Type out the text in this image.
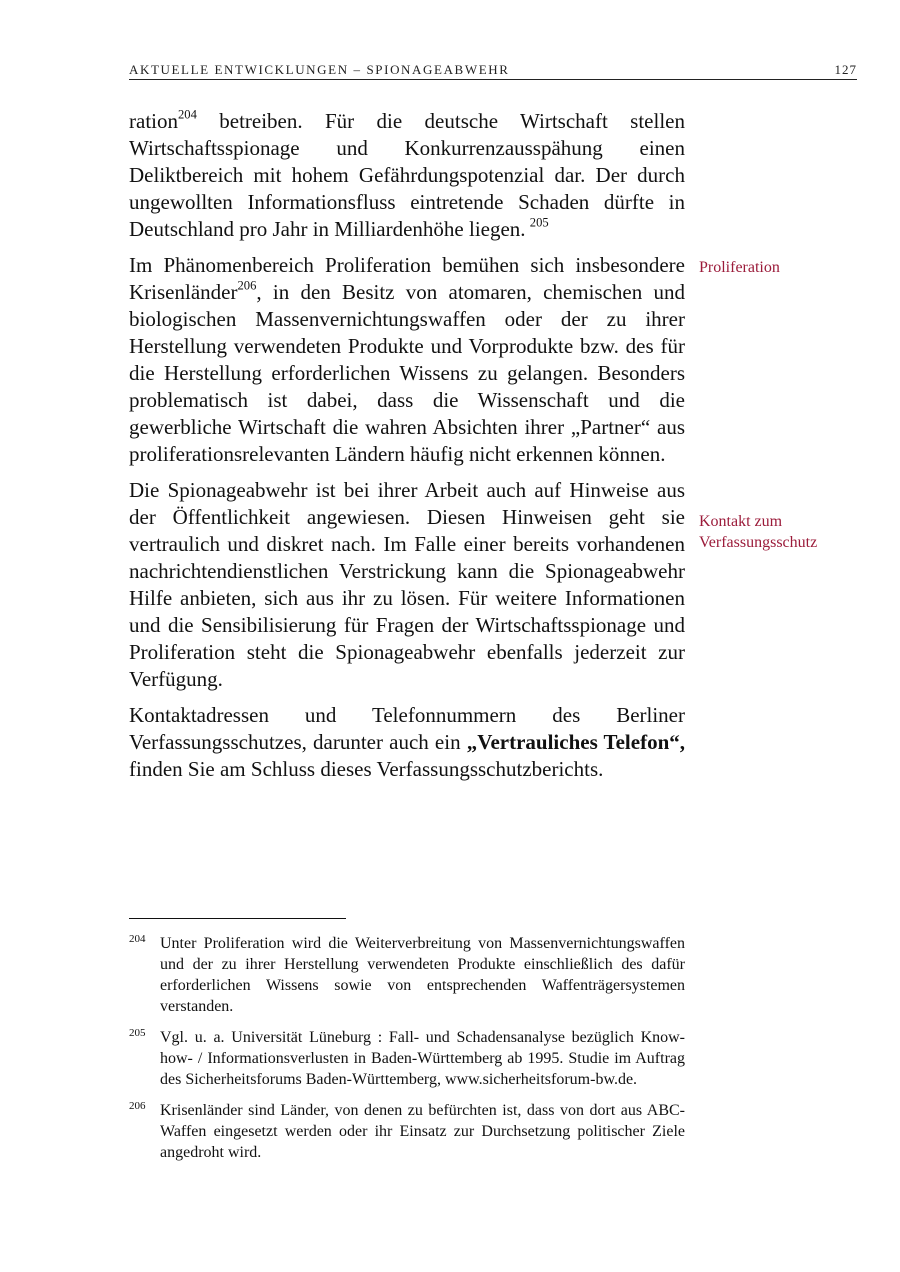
AKTUELLE ENTWICKLUNGEN – SPIONAGEABWEHR	127

ration$^{204}$ betreiben. Für die deutsche Wirtschaft stellen Wirtschaftsspionage und Konkurrenzausspähung einen Deliktbereich mit hohem Gefährdungspotenzial dar. Der durch ungewollten Informationsfluss eintretende Schaden dürfte in Deutschland pro Jahr in Milliardenhöhe liegen.  $^{205}$

Im Phänomenbereich Proliferation bemühen sich insbesondere Krisenländer$^{206}$, in den Besitz von atomaren, chemischen und biologischen Massenvernichtungswaffen oder der zu ihrer Herstellung verwendeten Produkte und Vorprodukte bzw. des für die Herstellung erforderlichen Wissens zu gelangen. Besonders problematisch ist dabei, dass die Wissenschaft und die gewerbliche Wirtschaft die wahren Absichten ihrer „Partner“ aus proliferationsrelevanten Ländern häufig nicht erkennen können.

Die Spionageabwehr ist bei ihrer Arbeit auch auf Hinweise aus der Öffentlichkeit angewiesen. Diesen Hinweisen geht sie vertraulich und diskret nach. Im Falle einer bereits vorhandenen nachrichtendienstlichen Verstrickung kann die Spionageabwehr Hilfe anbieten, sich aus ihr zu lösen. Für weitere Informationen und die Sensibilisierung für Fragen der Wirtschaftsspionage und Proliferation steht die Spionageabwehr ebenfalls jederzeit zur Verfügung.

Kontaktadressen und Telefonnummern des Berliner Verfassungsschutzes, darunter auch ein „Vertrauliches Telefon“, finden Sie am Schluss dieses Verfassungsschutzberichts.

Proliferation
Kontakt zum Verfassungsschutz
204 Unter Proliferation wird die Weiterverbreitung von Massenvernichtungswaffen und der zu ihrer Herstellung verwendeten Produkte einschließlich des dafür erforderlichen Wissens sowie von entsprechenden Waffenträgersystemen verstanden.
205 Vgl. u. a. Universität Lüneburg : Fall- und Schadensanalyse bezüglich Know-how- / Informationsverlusten in Baden-Württemberg ab 1995. Studie im Auftrag des Sicherheitsforums Baden-Württemberg, www.sicherheitsforum-bw.de.
206 Krisenländer sind Länder, von denen zu befürchten ist, dass von dort aus ABC-Waffen eingesetzt werden oder ihr Einsatz zur Durchsetzung politischer Ziele angedroht wird.
